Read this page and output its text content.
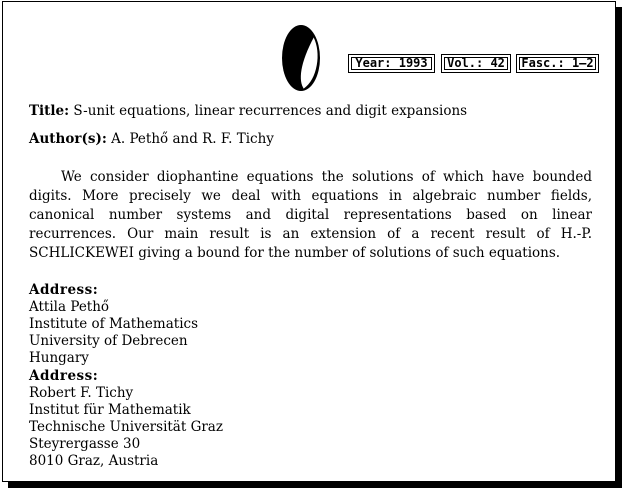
Year: 1993	Vol.: 42	Fasc.: 1–2
Title: S-unit equations, linear recurrences and digit expansions
Author(s): A. Pethő and R. F. Tichy

We consider diophantine equations the solutions of which have bounded digits. More precisely we deal with equations in algebraic number fields, canonical number systems and digital representations based on linear recurrences. Our main result is an extension of a recent result of H.-P. SCHLICKEWEI giving a bound for the number of solutions of such equations.

Address:
Attila Pethő
Institute of Mathematics
University of Debrecen
Hungary
Address:
Robert F. Tichy
Institut für Mathematik
Technische Universität Graz
Steyrergasse 30
8010 Graz, Austria
